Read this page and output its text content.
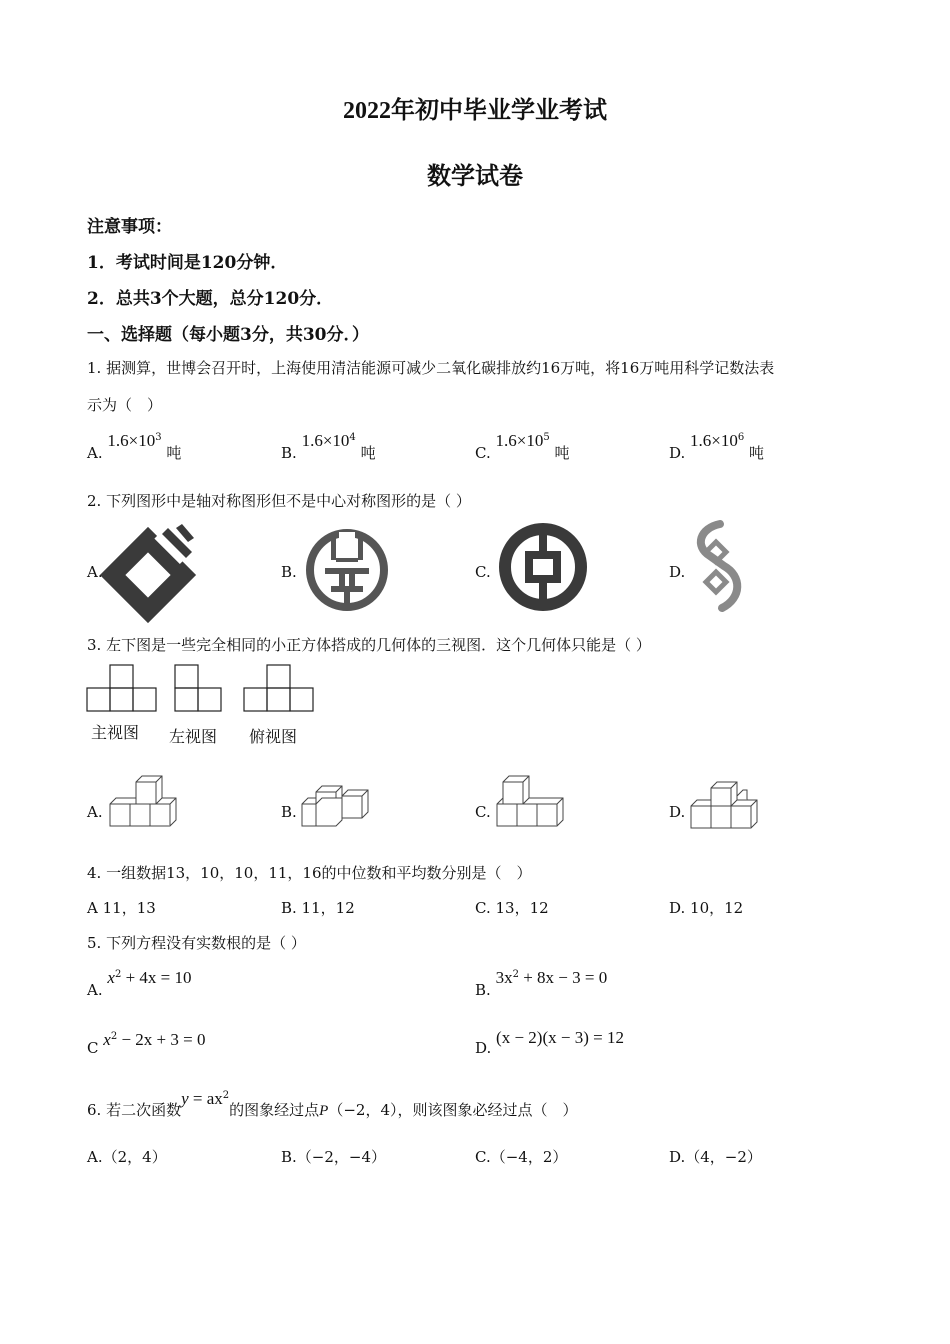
2022年初中毕业学业考试
数学试卷
注意事项：
1．考试时间是120分钟．
2．总共3个大题，总分120分．
一、选择题（每小题3分，共30分．）
1. 据测算，世博会召开时，上海使用清洁能源可减少二氧化碳排放约16万吨，将16万吨用科学记数法表
示为（　）
A. $1.6\times 10^3$ 吨	B. $1.6\times 10^4$ 吨	C. $1.6\times 10^5$ 吨	D. $1.6\times 10^6$ 吨
2. 下列图形中是轴对称图形但不是中心对称图形的是（ ）
A.	B.	C.	D.
3. 左下图是一些完全相同的小正方体搭成的几何体的三视图．这个几何体只能是（ ）
主视图 左视图 俯视图
A.	B.	C.	D.
4. 一组数据13，10，10，11，16的中位数和平均数分别是（　）
A 11，13	B. 11，12	C. 13，12	D. 10，12
5. 下列方程没有实数根的是（ ）
A. $x^2 + 4x = 10$
B. $3x^2 + 8x - 3 = 0$
C $x^2 - 2x + 3 = 0$	D. (x − 2)(x − 3) = 12
6. 若二次函数$y = ax^2$的图象经过点P（−2，4），则该图象必经过点（　）
A.（2，4）	B.（−2，−4）	C.（−4，2）	D.（4，−2）
